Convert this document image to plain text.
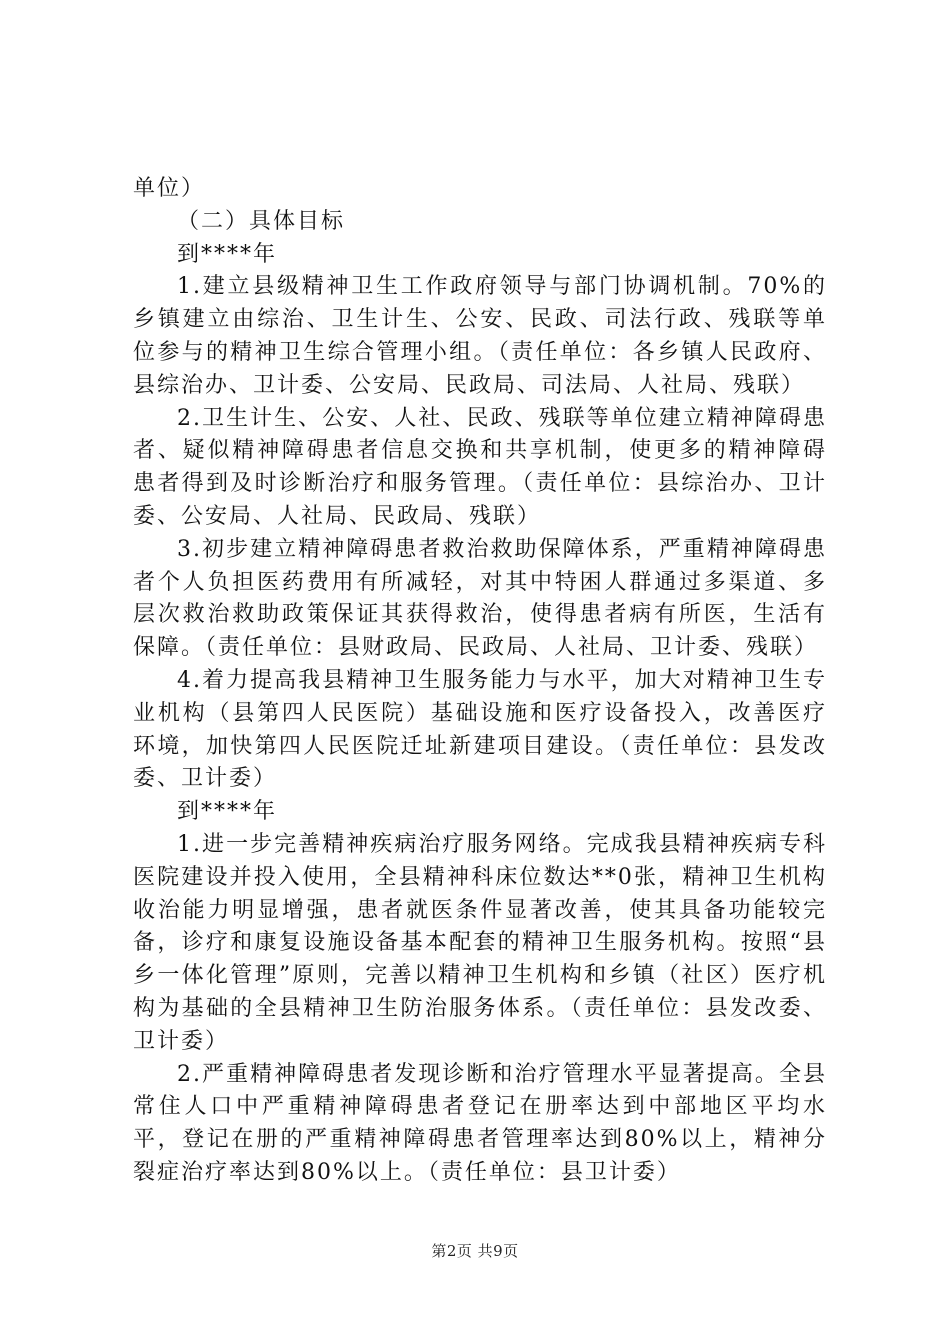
单位）

（二）具体目标

到****年

1.建立县级精神卫生工作政府领导与部门协调机制。70%的乡镇建立由综治、卫生计生、公安、民政、司法行政、残联等单位参与的精神卫生综合管理小组。（责任单位：各乡镇人民政府、县综治办、卫计委、公安局、民政局、司法局、人社局、残联）

2.卫生计生、公安、人社、民政、残联等单位建立精神障碍患者、疑似精神障碍患者信息交换和共享机制，使更多的精神障碍患者得到及时诊断治疗和服务管理。（责任单位：县综治办、卫计委、公安局、人社局、民政局、残联）

3.初步建立精神障碍患者救治救助保障体系，严重精神障碍患者个人负担医药费用有所减轻，对其中特困人群通过多渠道、多层次救治救助政策保证其获得救治，使得患者病有所医，生活有保障。（责任单位：县财政局、民政局、人社局、卫计委、残联）

4.着力提高我县精神卫生服务能力与水平，加大对精神卫生专业机构（县第四人民医院）基础设施和医疗设备投入，改善医疗环境，加快第四人民医院迁址新建项目建设。（责任单位：县发改委、卫计委）

到****年

1.进一步完善精神疾病治疗服务网络。完成我县精神疾病专科医院建设并投入使用，全县精神科床位数达**0张，精神卫生机构收治能力明显增强，患者就医条件显著改善，使其具备功能较完备，诊疗和康复设施设备基本配套的精神卫生服务机构。按照“县乡一体化管理”原则，完善以精神卫生机构和乡镇（社区）医疗机构为基础的全县精神卫生防治服务体系。（责任单位：县发改委、卫计委）

2.严重精神障碍患者发现诊断和治疗管理水平显著提高。全县常住人口中严重精神障碍患者登记在册率达到中部地区平均水平，登记在册的严重精神障碍患者管理率达到80%以上，精神分裂症治疗率达到80%以上。（责任单位：县卫计委）

第2页 共9页
